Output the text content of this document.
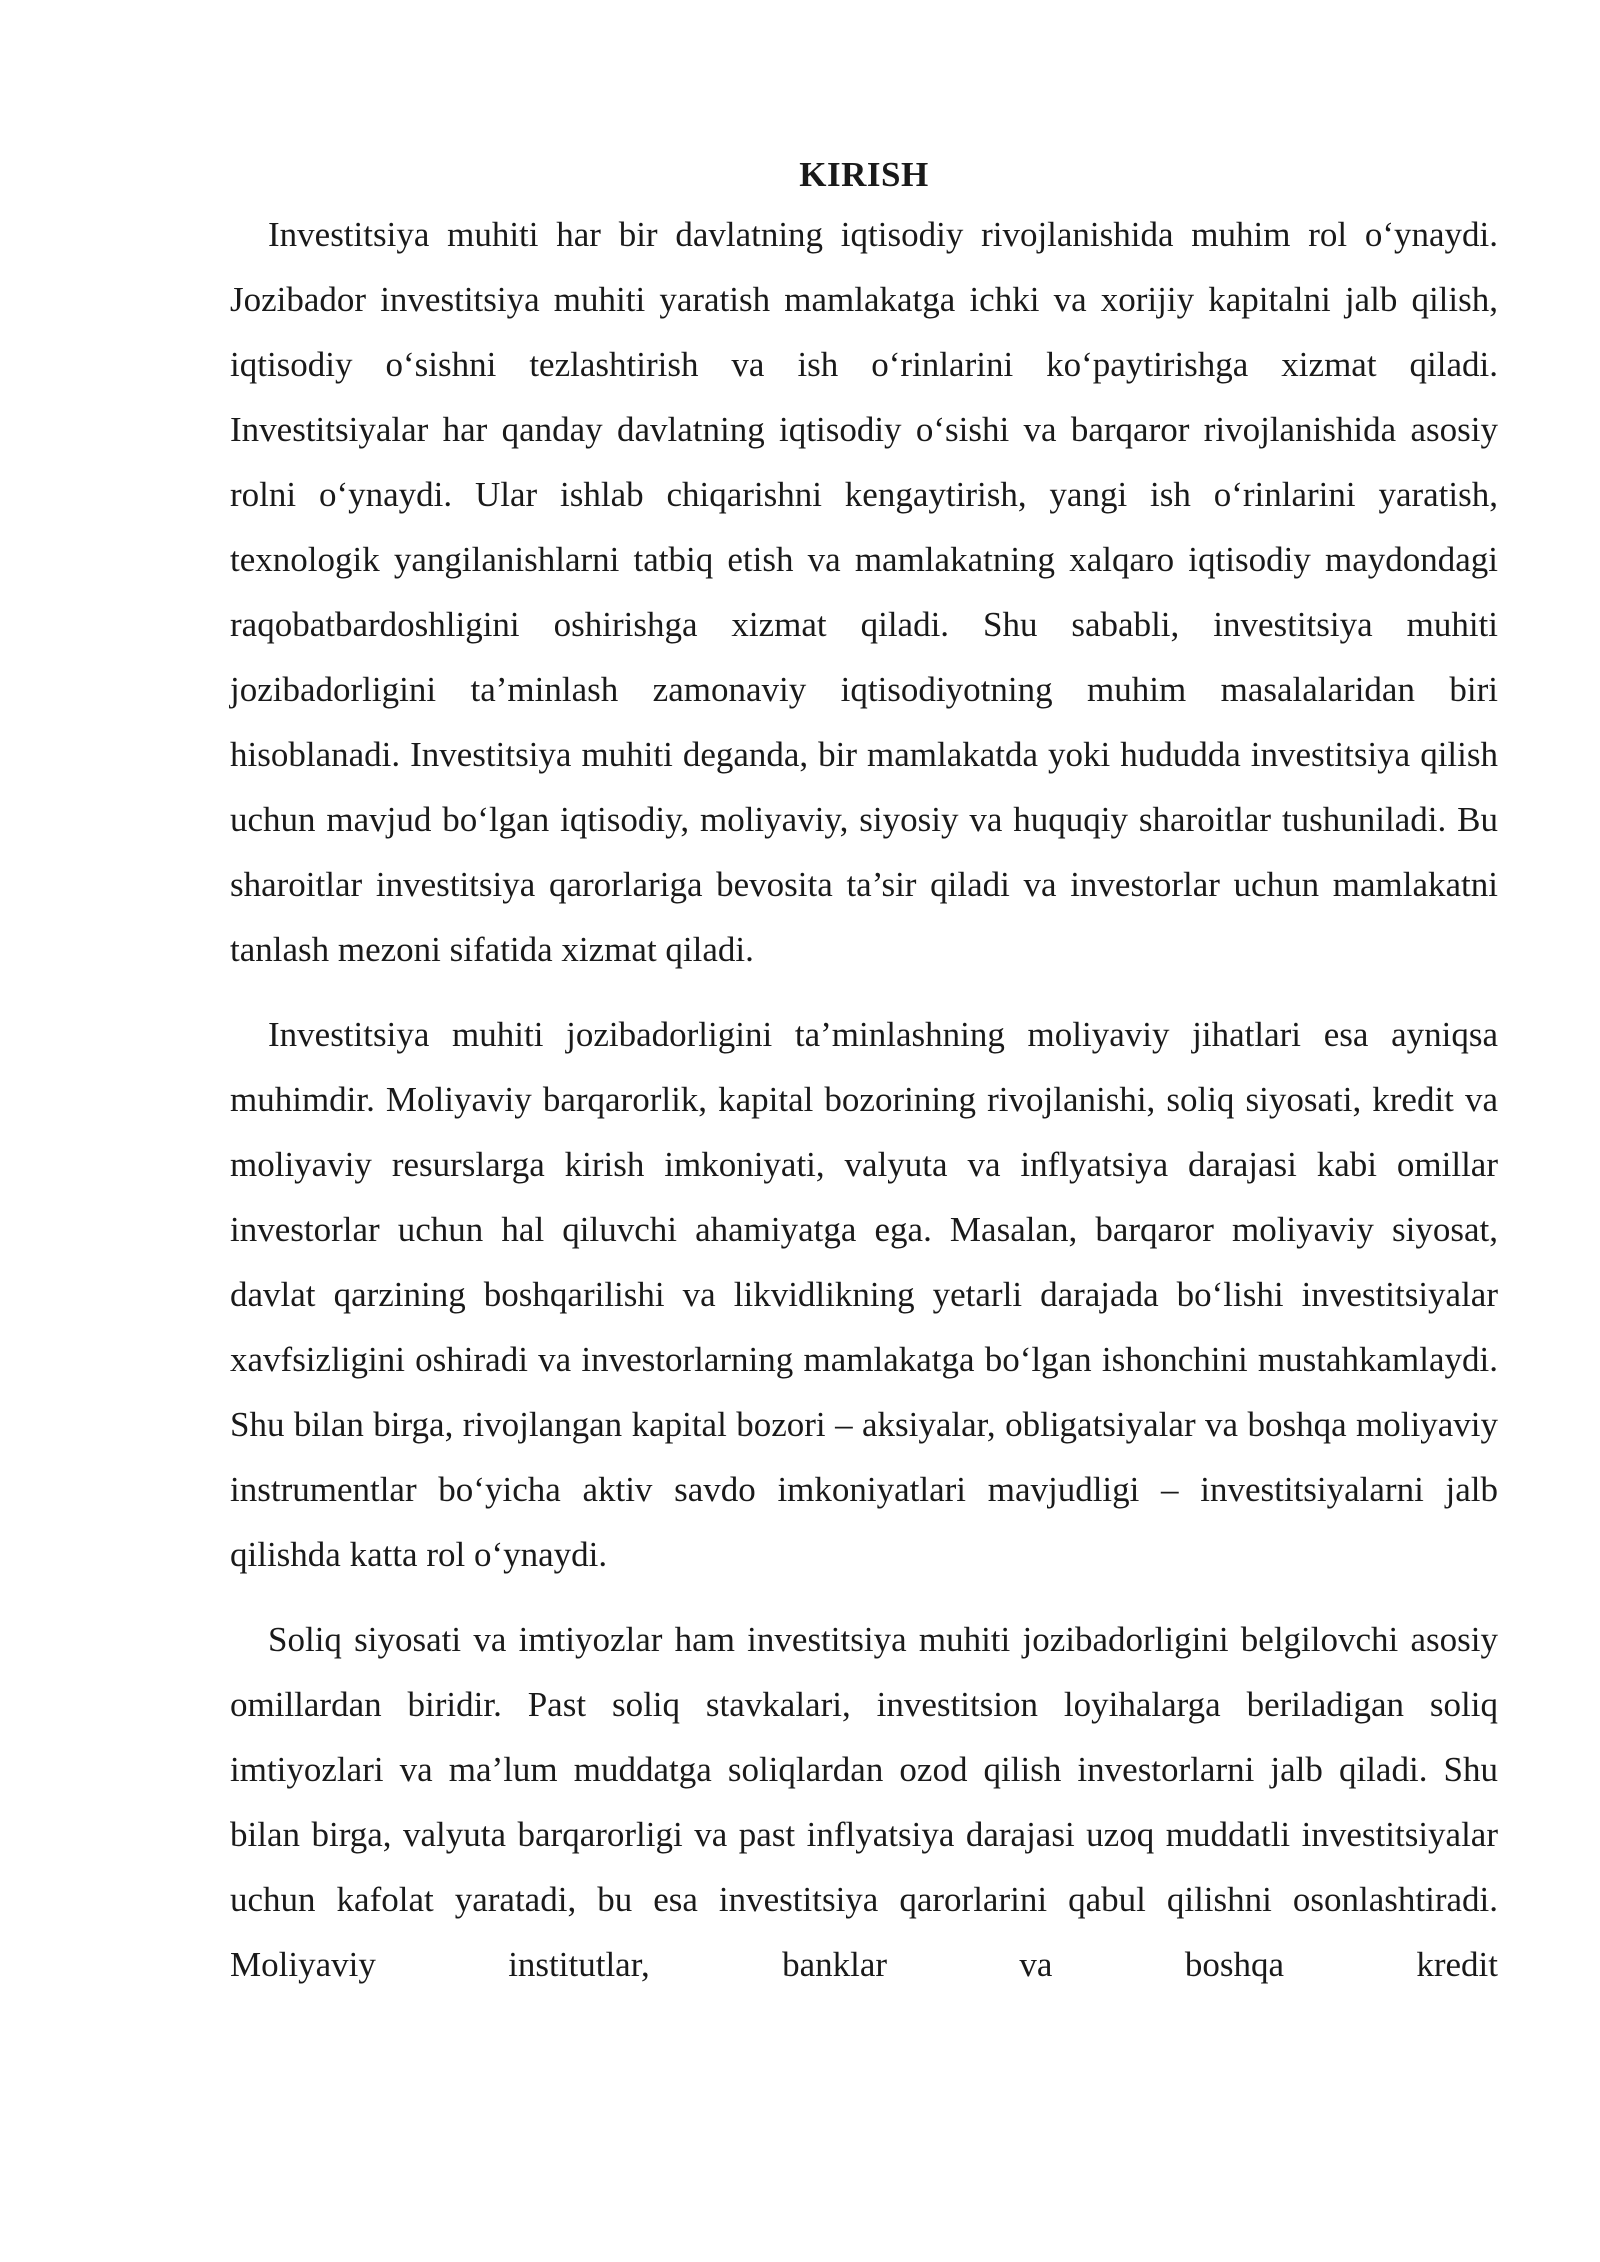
KIRISH

Investitsiya muhiti har bir davlatning iqtisodiy rivojlanishida muhim rol o‘ynaydi. Jozibador investitsiya muhiti yaratish mamlakatga ichki va xorijiy kapitalni jalb qilish, iqtisodiy o‘sishni tezlashtirish va ish o‘rinlarini ko‘paytirishga xizmat qiladi. Investitsiyalar har qanday davlatning iqtisodiy o‘sishi va barqaror rivojlanishida asosiy rolni o‘ynaydi. Ular ishlab chiqarishni kengaytirish, yangi ish o‘rinlarini yaratish, texnologik yangilanishlarni tatbiq etish va mamlakatning xalqaro iqtisodiy maydondagi raqobatbardoshligini oshirishga xizmat qiladi. Shu sababli, investitsiya muhiti jozibadorligini ta’minlash zamonaviy iqtisodiyotning muhim masalalaridan biri hisoblanadi. Investitsiya muhiti deganda, bir mamlakatda yoki hududda investitsiya qilish uchun mavjud bo‘lgan iqtisodiy, moliyaviy, siyosiy va huquqiy sharoitlar tushuniladi. Bu sharoitlar investitsiya qarorlariga bevosita ta’sir qiladi va investorlar uchun mamlakatni tanlash mezoni sifatida xizmat qiladi.

Investitsiya muhiti jozibadorligini ta’minlashning moliyaviy jihatlari esa ayniqsa muhimdir. Moliyaviy barqarorlik, kapital bozorining rivojlanishi, soliq siyosati, kredit va moliyaviy resurslarga kirish imkoniyati, valyuta va inflyatsiya darajasi kabi omillar investorlar uchun hal qiluvchi ahamiyatga ega. Masalan, barqaror moliyaviy siyosat, davlat qarzining boshqarilishi va likvidlikning yetarli darajada bo‘lishi investitsiyalar xavfsizligini oshiradi va investorlarning mamlakatga bo‘lgan ishonchini mustahkamlaydi. Shu bilan birga, rivojlangan kapital bozori – aksiyalar, obligatsiyalar va boshqa moliyaviy instrumentlar bo‘yicha aktiv savdo imkoniyatlari mavjudligi – investitsiyalarni jalb qilishda katta rol o‘ynaydi.

Soliq siyosati va imtiyozlar ham investitsiya muhiti jozibadorligini belgilovchi asosiy omillardan biridir. Past soliq stavkalari, investitsion loyihalarga beriladigan soliq imtiyozlari va ma’lum muddatga soliqlardan ozod qilish investorlarni jalb qiladi. Shu bilan birga, valyuta barqarorligi va past inflyatsiya darajasi uzoq muddatli investitsiyalar uchun kafolat yaratadi, bu esa investitsiya qarorlarini qabul qilishni osonlashtiradi. Moliyaviy institutlar, banklar va boshqa kredit
